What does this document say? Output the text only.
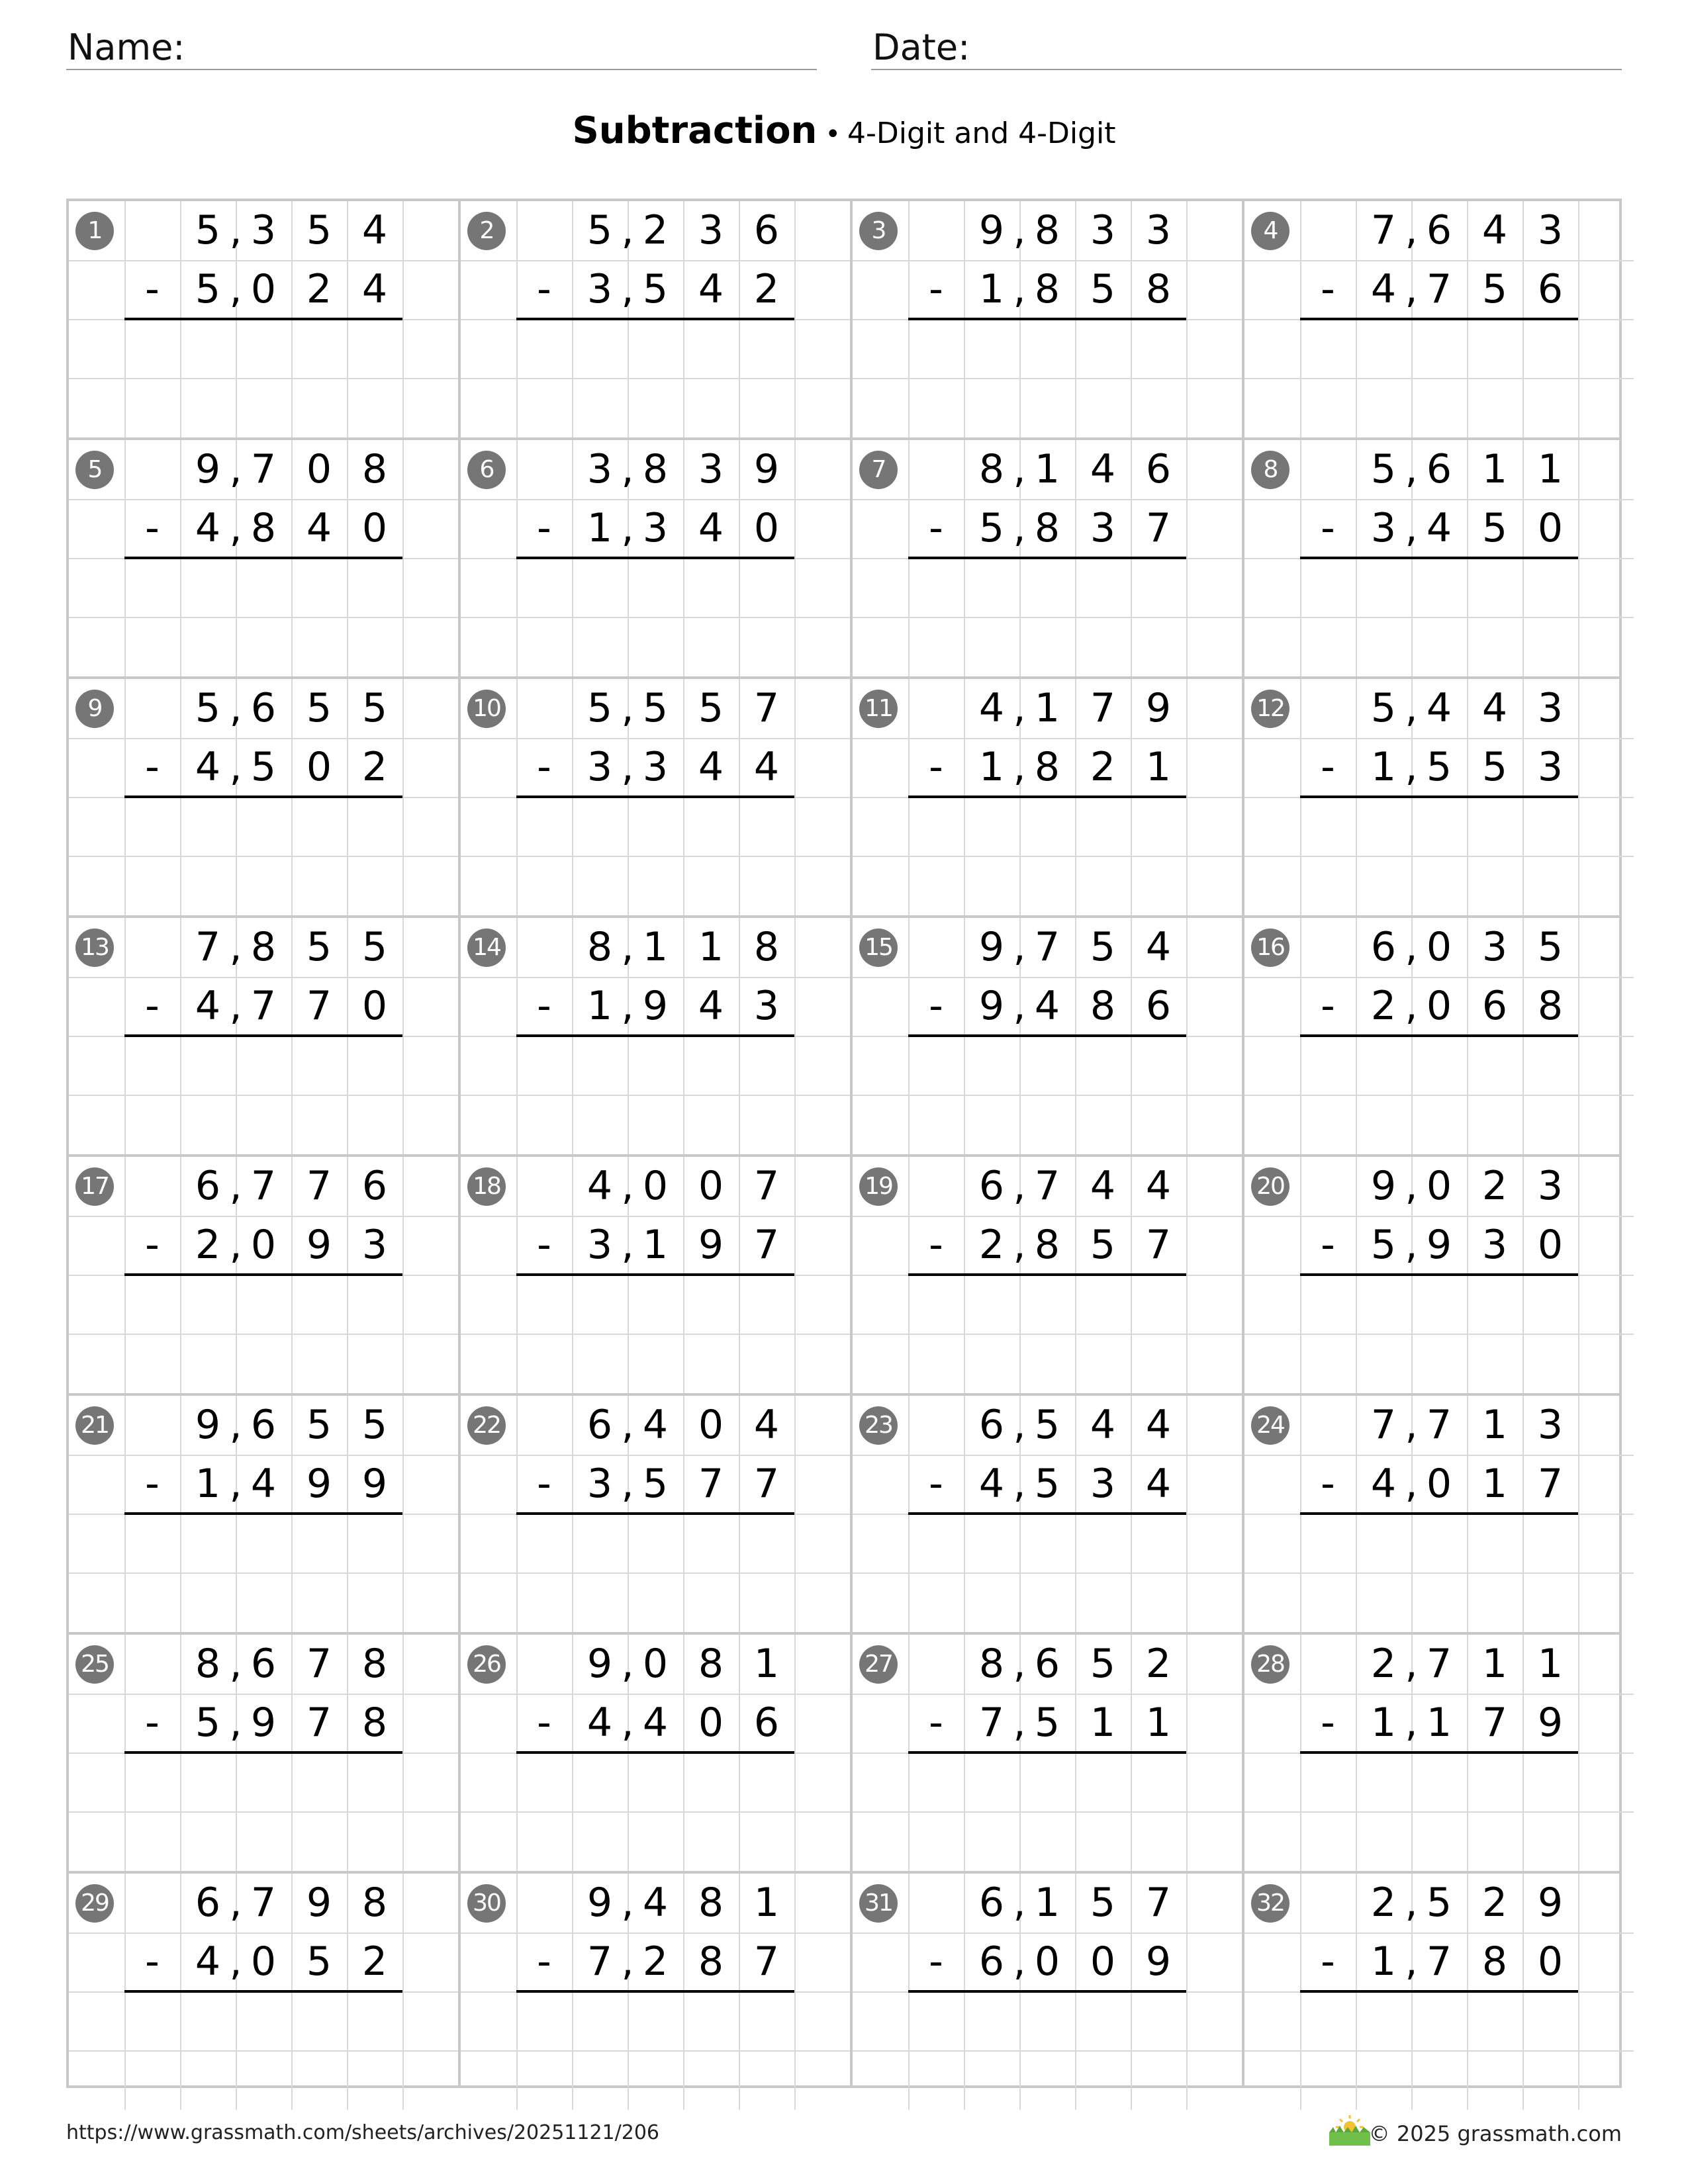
Name:	Date:
Subtraction • 4-Digit and 4-Digit
1	5 3 5 4
,
5 0 2 4
,
-
2	5 2 3 6
,
3 5 4 2
,
-
3	9 8 3 3
,
1 8 5 8
,
-
4	7 6 4 3
,
4 7 5 6
,
-
5	9 7 0 8
,
4 8 4 0
,
-
6	3 8 3 9
,
1 3 4 0
,
-
7	8 1 4 6
,
5 8 3 7
,
-
8	5 6 1 1
,
3 4 5 0
,
-
9	5 6 5 5
,
4 5 0 2
,
-
10	5 5 5 7
,
3 3 4 4
,
-
11	4 1 7 9
,
1 8 2 1
,
-
12	5 4 4 3
,
1 5 5 3
,
-
13	7 8 5 5
,
4 7 7 0
,
-
14	8 1 1 8
,
1 9 4 3
,
-
15	9 7 5 4
,
9 4 8 6
,
-
16	6 0 3 5
,
2 0 6 8
,
-
17	6 7 7 6
,
2 0 9 3
,
-
18	4 0 0 7
,
3 1 9 7
,
-
19	6 7 4 4
,
2 8 5 7
,
-
20	9 0 2 3
,
5 9 3 0
,
-
21	9 6 5 5
,
1 4 9 9
,
-
22	6 4 0 4
,
3 5 7 7
,
-
23	6 5 4 4
,
4 5 3 4
,
-
24	7 7 1 3
,
4 0 1 7
,
-
25	8 6 7 8
,
5 9 7 8
,
-
26	9 0 8 1
,
4 4 0 6
,
-
27	8 6 5 2
,
7 5 1 1
,
-
28	2 7 1 1
,
1 1 7 9
,
-
29	6 7 9 8
,
4 0 5 2
,
-
30	9 4 8 1
,
7 2 8 7
,
-
31	6 1 5 7
,
6 0 0 9
,
-
32	2 5 2 9
,
1 7 8 0
,
-
https://www.grassmath.com/sheets/archives/20251121/206	© 2025 grassmath.com
